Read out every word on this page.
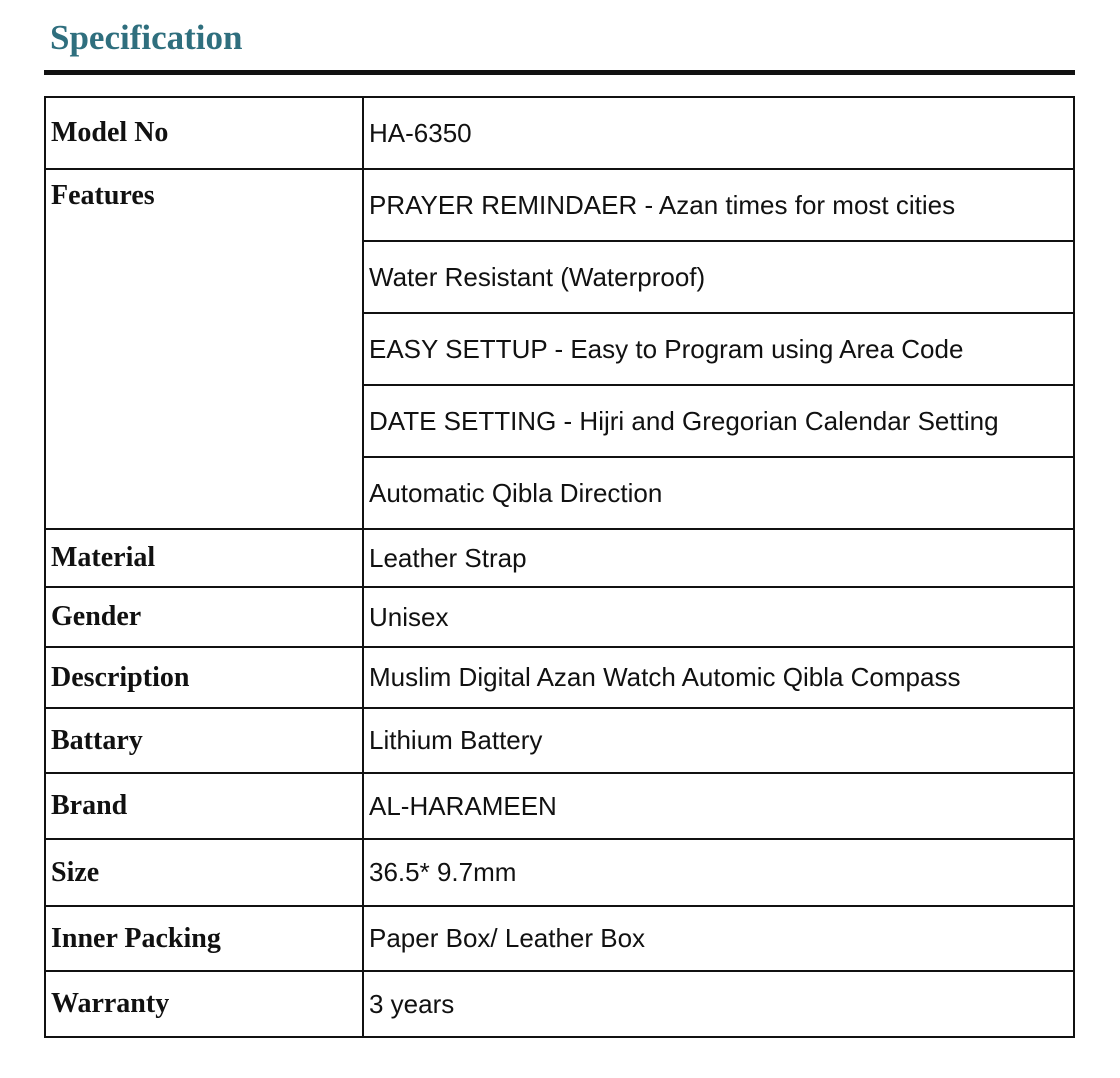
Specification
Model No	HA-6350
Features	PRAYER REMINDAER - Azan times for most cities
	Water Resistant (Waterproof)
	EASY SETTUP - Easy to Program using Area Code
	DATE SETTING - Hijri and Gregorian Calendar Setting
	Automatic Qibla Direction
Material	Leather Strap
Gender	Unisex
Description	Muslim Digital Azan Watch Automic Qibla Compass
Battary	Lithium Battery
Brand	AL-HARAMEEN
Size	36.5* 9.7mm
Inner Packing	Paper Box/ Leather Box
Warranty	3 years
